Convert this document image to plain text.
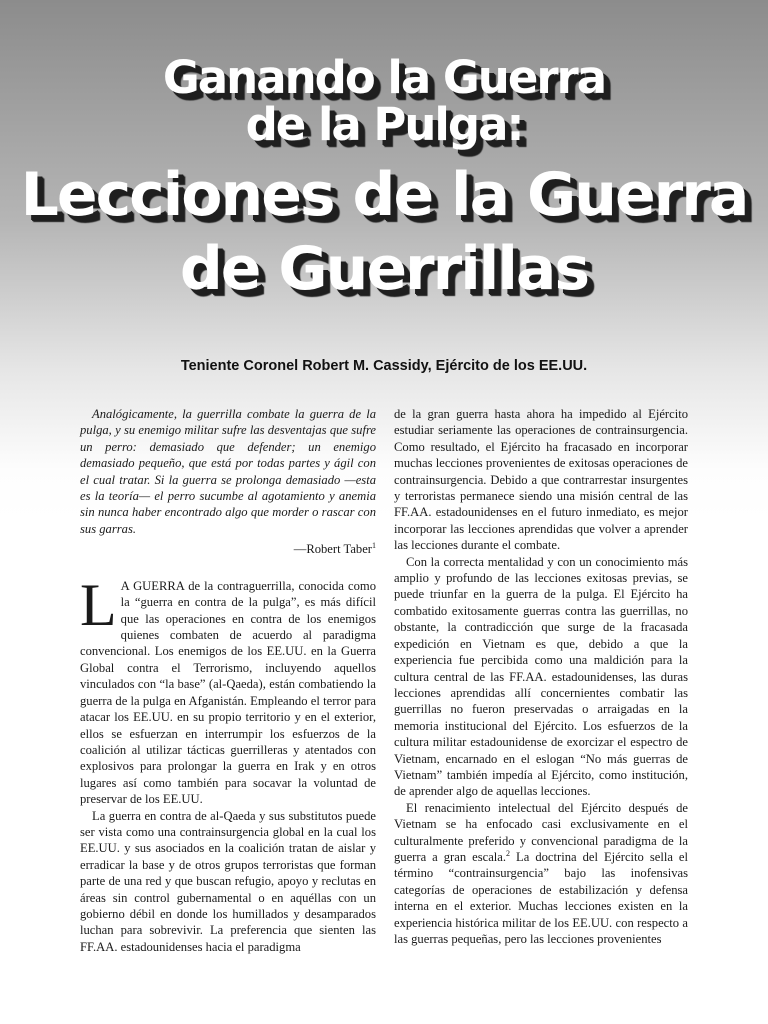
Ganando la Guerra
de la Pulga:
Lecciones de la Guerra
de Guerrillas
Teniente Coronel Robert M. Cassidy, Ejército de los EE.UU.

Analógicamente, la guerrilla combate la guerra de la pulga, y su enemigo militar sufre las desventajas que sufre un perro: demasiado que defender; un enemigo demasiado pequeño, que está por todas partes y ágil con el cual tratar. Si la guerra se prolonga demasiado —esta es la teoría— el perro sucumbe al agotamiento y anemia sin nunca haber encontrado algo que morder o rascar con sus garras.

—Robert Taber$^1$

L A GUERRA de la contraguerrilla, conocida como la “guerra en contra de la pulga”, es más difícil que las operaciones en contra de los enemigos quienes combaten de acuerdo al paradigma convencional. Los enemigos de los EE.UU. en la Guerra Global contra el Terrorismo, incluyendo aquellos vinculados con “la base” (al-Qaeda), están combatiendo la guerra de la pulga en Afganistán. Empleando el terror para atacar los EE.UU. en su propio territorio y en el exterior, ellos se esfuerzan en interrumpir los esfuerzos de la coalición al utilizar tácticas guerrilleras y atentados con explosivos para prolongar la guerra en Irak y en otros lugares así como también para socavar la voluntad de preservar de los EE.UU.

La guerra en contra de al-Qaeda y sus substitutos puede ser vista como una contrainsurgencia global en la cual los EE.UU. y sus asociados en la coalición tratan de aislar y erradicar la base y de otros grupos terroristas que forman parte de una red y que buscan refugio, apoyo y reclutas en áreas sin control gubernamental o en aquéllas con un gobierno débil en donde los humillados y desamparados luchan para sobrevivir. La preferencia que sienten las FF.AA. estadounidenses hacia el paradigma

de la gran guerra hasta ahora ha impedido al Ejército estudiar seriamente las operaciones de contrainsurgencia. Como resultado, el Ejército ha fracasado en incorporar muchas lecciones provenientes de exitosas operaciones de contrainsurgencia. Debido a que contrarrestar insurgentes y terroristas permanece siendo una misión central de las FF.AA. estadounidenses en el futuro inmediato, es mejor incorporar las lecciones aprendidas que volver a aprender las lecciones durante el combate.

Con la correcta mentalidad y con un conocimiento más amplio y profundo de las lecciones exitosas previas, se puede triunfar en la guerra de la pulga. El Ejército ha combatido exitosamente guerras contra las guerrillas, no obstante, la contradicción que surge de la fracasada expedición en Vietnam es que, debido a que la experiencia fue percibida como una maldición para la cultura central de las FF.AA. estadounidenses, las duras lecciones aprendidas allí concernientes combatir las guerrillas no fueron preservadas o arraigadas en la memoria institucional del Ejército. Los esfuerzos de la cultura militar estadounidense de exorcizar el espectro de Vietnam, encarnado en el eslogan “No más guerras de Vietnam” también impedía al Ejército, como institución, de aprender algo de aquellas lecciones.

El renacimiento intelectual del Ejército después de Vietnam se ha enfocado casi exclusivamente en el culturalmente preferido y convencional paradigma de la guerra a gran escala.$^2$ La doctrina del Ejército sella el término “contrainsurgencia” bajo las inofensivas categorías de operaciones de estabilización y defensa interna en el exterior. Muchas lecciones existen en la experiencia histórica militar de los EE.UU. con respecto a las guerras pequeñas, pero las lecciones provenientes
